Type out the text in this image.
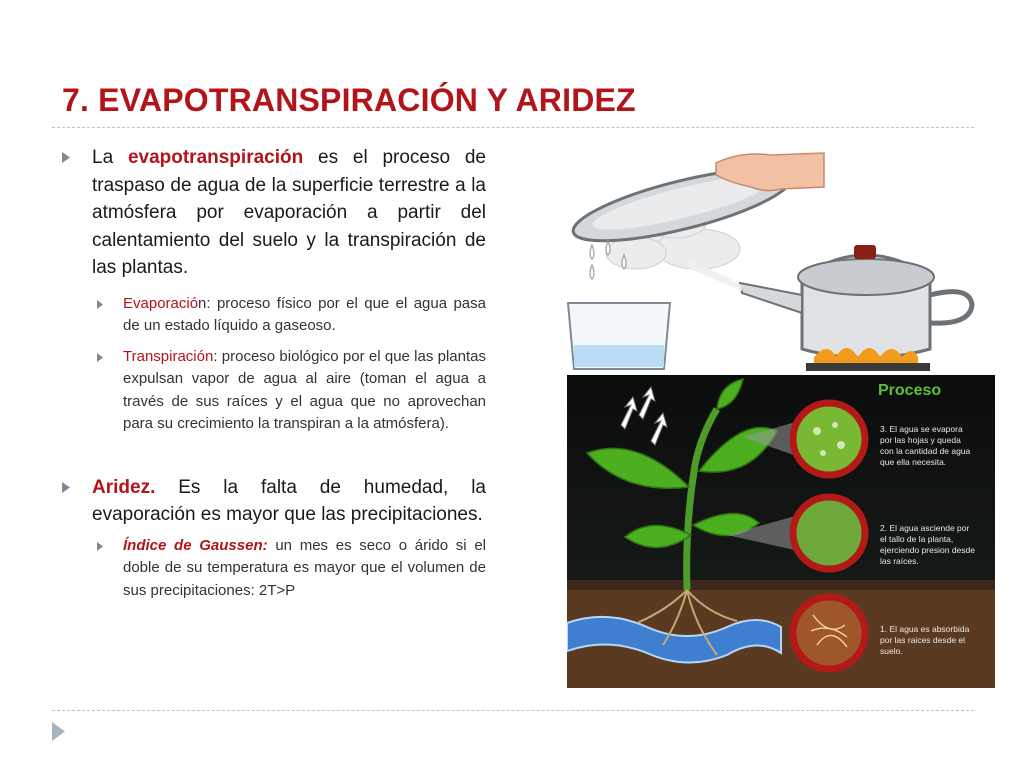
7. EVAPOTRANSPIRACIÓN Y ARIDEZ
La evapotranspiración es el proceso de traspaso de agua de la superficie terrestre a la atmósfera por evaporación a partir del calentamiento del suelo y la transpiración de las plantas.
Evaporación: proceso físico por el que el agua pasa de un estado líquido a gaseoso.
Transpiración: proceso biológico por el que las plantas expulsan vapor de agua al aire (toman el agua a través de sus raíces y el agua que no aprovechan para su crecimiento la transpiran a la atmósfera).
Aridez. Es la falta de humedad, la evaporación es mayor que las precipitaciones.
Índice de Gaussen: un mes es seco o árido si el doble de su temperatura es mayor que el volumen de sus precipitaciones: 2T>P
Proceso
3. El agua se evapora
por las hojas y queda
con la cantidad de agua
que ella necesita.
2. El agua asciende por
el tallo de la planta,
ejerciendo presion desde
las raíces.
1. El agua es absorbida
por las raices desde el
suelo.
